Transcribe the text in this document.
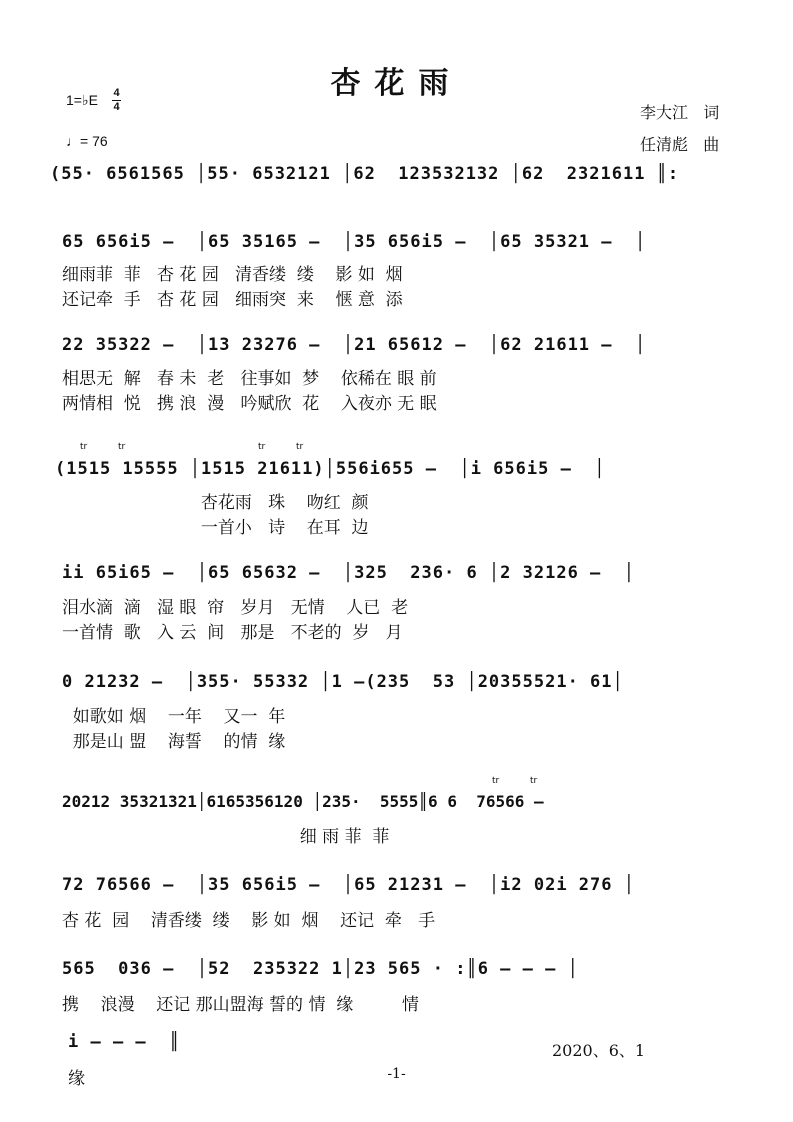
杏花雨
1=♭E 4
4
♩= 76
李大江   词
任清彪   曲
(55· 6561565 │55· 6532121 │62  123532132 │62  2321611 ║:
65 656i5 –  │65 35165 –  │35 656i5 –  │65 35321 –  │
细雨菲  菲   杏 花 园   清香缕  缕    影 如  烟
还记牵  手   杏 花 园   细雨突  来    惬 意  添
22 35322 –  │13 23276 –  │21 65612 –  │62 21611 –  │
相思无  解   春 未  老   往事如  梦    依稀在 眼 前
两情相  悦   携 浪  漫   吟赋欣  花    入夜亦 无 眠
tr	tr	tr	tr
(1515 15555 │1515 21611)│556i655 –  │i 656i5 –  │
杏花雨   珠    吻红  颜
一首小   诗    在耳  边
ii 65i65 –  │65 65632 –  │325  236· 6 │2 32126 –  │
泪水滴  滴   湿 眼  帘   岁月   无情    人已  老
一首情  歌   入 云  间   那是   不老的  岁   月
0 21232 –  │355· 55332 │1 –(235  53 │20355521· 61│
如歌如 烟    一年    又一  年
那是山 盟    海誓    的情  缘
tr	tr
20212 35321321│6165356120 │235·  5555║6 6  76566 –
细 雨 菲  菲
72 76566 –  │35 656i5 –  │65 21231 –  │i2 02i 276 │
杏 花  园    清香缕  缕    影 如  烟    还记  牵   手
565  036 –  │52  235322 1│23 565 · :║6 – – – │
携    浪漫    还记 那山盟海 誓的 情  缘         情
i – – –  ║
缘
2020、6、1
-1-
